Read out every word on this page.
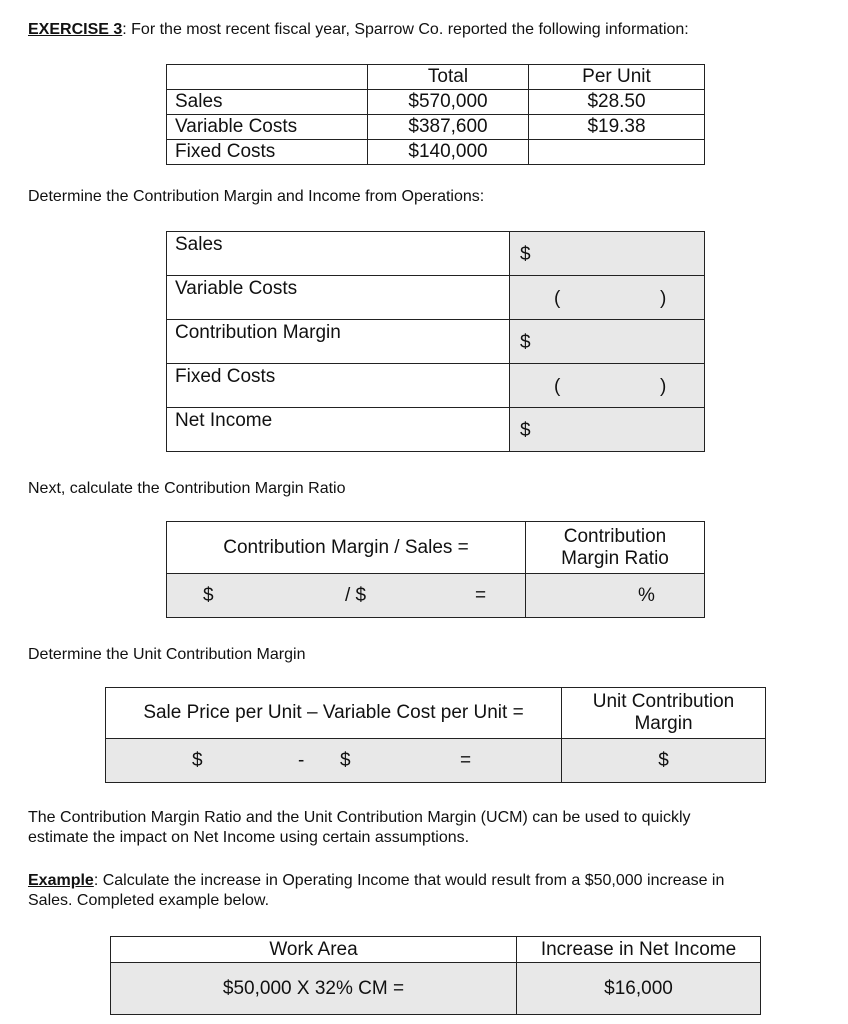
EXERCISE 3: For the most recent fiscal year, Sparrow Co. reported the following information:
	Total	Per Unit
Sales	$570,000	$28.50
Variable Costs	$387,600	$19.38
Fixed Costs	$140,000	
Determine the Contribution Margin and Income from Operations:
Sales	$

Variable Costs	( )

Contribution Margin	$

Fixed Costs	( )

Net Income	$
Next, calculate the Contribution Margin Ratio
Contribution Margin / Sales =	Contribution
Margin Ratio

$ / $ =	%
Determine the Unit Contribution Margin
Sale Price per Unit – Variable Cost per Unit =	Unit Contribution
Margin

$ - $ =	$
The Contribution Margin Ratio and the Unit Contribution Margin (UCM) can be used to quickly
estimate the impact on Net Income using certain assumptions.
Example: Calculate the increase in Operating Income that would result from a $50,000 increase in
Sales. Completed example below.
Work Area	Increase in Net Income
$50,000 X 32% CM =	$16,000
